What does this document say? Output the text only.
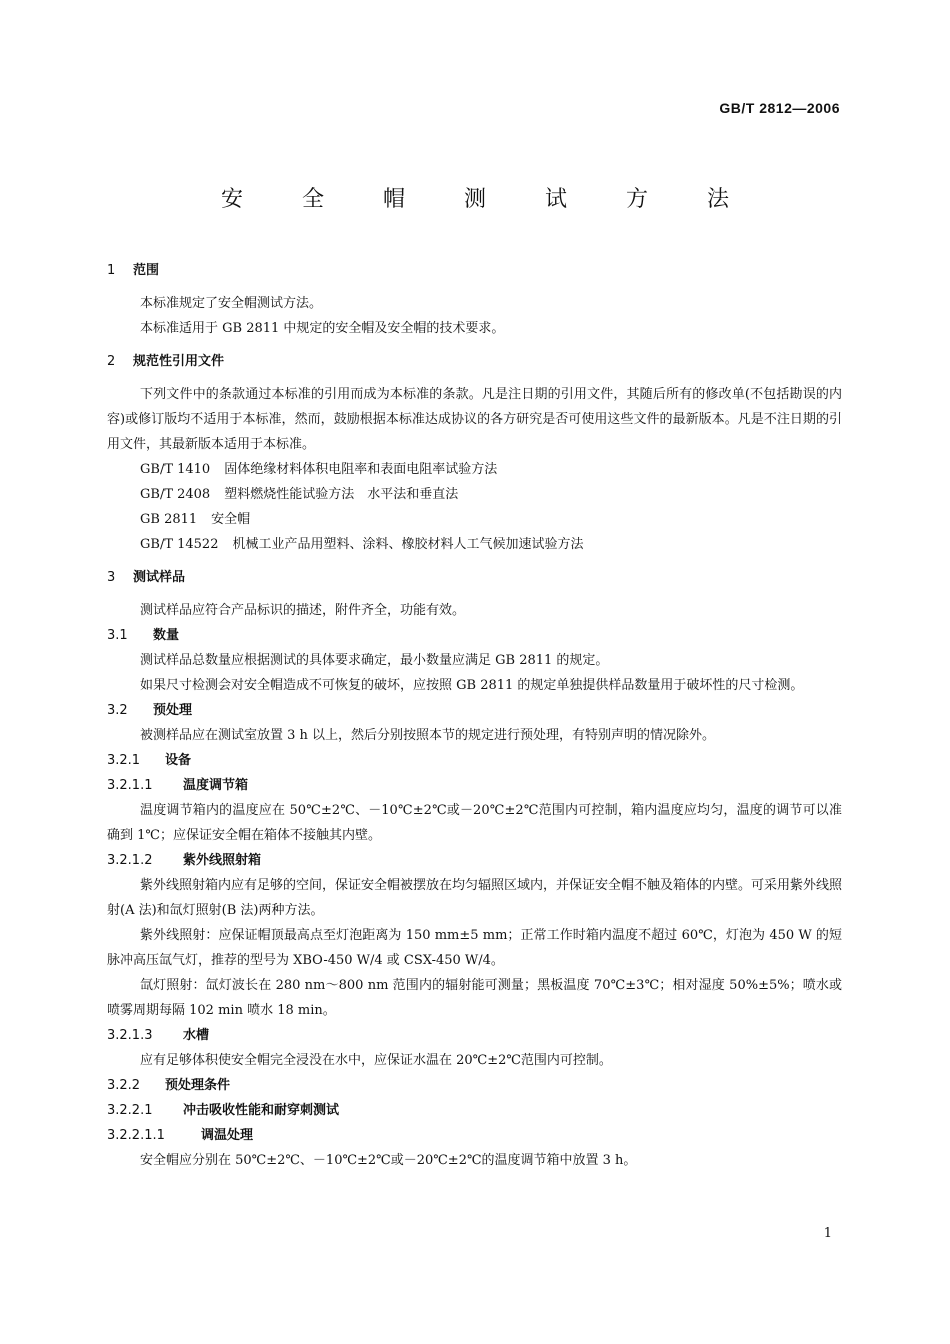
GB/T 2812—2006
安 全 帽 测 试 方 法
1 范围

本标准规定了安全帽测试方法。

本标准适用于 GB 2811 中规定的安全帽及安全帽的技术要求。

2 规范性引用文件

下列文件中的条款通过本标准的引用而成为本标准的条款。凡是注日期的引用文件，其随后所有的修改单(不包括勘误的内容)或修订版均不适用于本标准，然而，鼓励根据本标准达成协议的各方研究是否可使用这些文件的最新版本。凡是不注日期的引用文件，其最新版本适用于本标准。

GB/T 1410 固体绝缘材料体积电阻率和表面电阻率试验方法
GB/T 2408 塑料燃烧性能试验方法　水平法和垂直法
GB 2811 安全帽
GB/T 14522 机械工业产品用塑料、涂料、橡胶材料人工气候加速试验方法
3 测试样品

测试样品应符合产品标识的描述，附件齐全，功能有效。

3.1 数量

测试样品总数量应根据测试的具体要求确定，最小数量应满足 GB 2811 的规定。

如果尺寸检测会对安全帽造成不可恢复的破坏，应按照 GB 2811 的规定单独提供样品数量用于破坏性的尺寸检测。

3.2 预处理

被测样品应在测试室放置 3 h 以上，然后分别按照本节的规定进行预处理，有特别声明的情况除外。

3.2.1 设备
3.2.1.1 温度调节箱

温度调节箱内的温度应在 50℃±2℃、－10℃±2℃或－20℃±2℃范围内可控制，箱内温度应均匀，温度的调节可以准确到 1℃；应保证安全帽在箱体不接触其内壁。

3.2.1.2 紫外线照射箱

紫外线照射箱内应有足够的空间，保证安全帽被摆放在均匀辐照区域内，并保证安全帽不触及箱体的内壁。可采用紫外线照射(A 法)和氙灯照射(B 法)两种方法。

紫外线照射：应保证帽顶最高点至灯泡距离为 150 mm±5 mm；正常工作时箱内温度不超过 60℃，灯泡为 450 W 的短脉冲高压氙气灯，推荐的型号为 XBO-450 W/4 或 CSX-450 W/4。

氙灯照射：氙灯波长在 280 nm～800 nm 范围内的辐射能可测量；黑板温度 70℃±3℃；相对湿度 50%±5%；喷水或喷雾周期每隔 102 min 喷水 18 min。

3.2.1.3 水槽

应有足够体积使安全帽完全浸没在水中，应保证水温在 20℃±2℃范围内可控制。

3.2.2 预处理条件
3.2.2.1 冲击吸收性能和耐穿刺测试
3.2.2.1.1	调温处理

安全帽应分别在 50℃±2℃、－10℃±2℃或－20℃±2℃的温度调节箱中放置 3 h。

1
